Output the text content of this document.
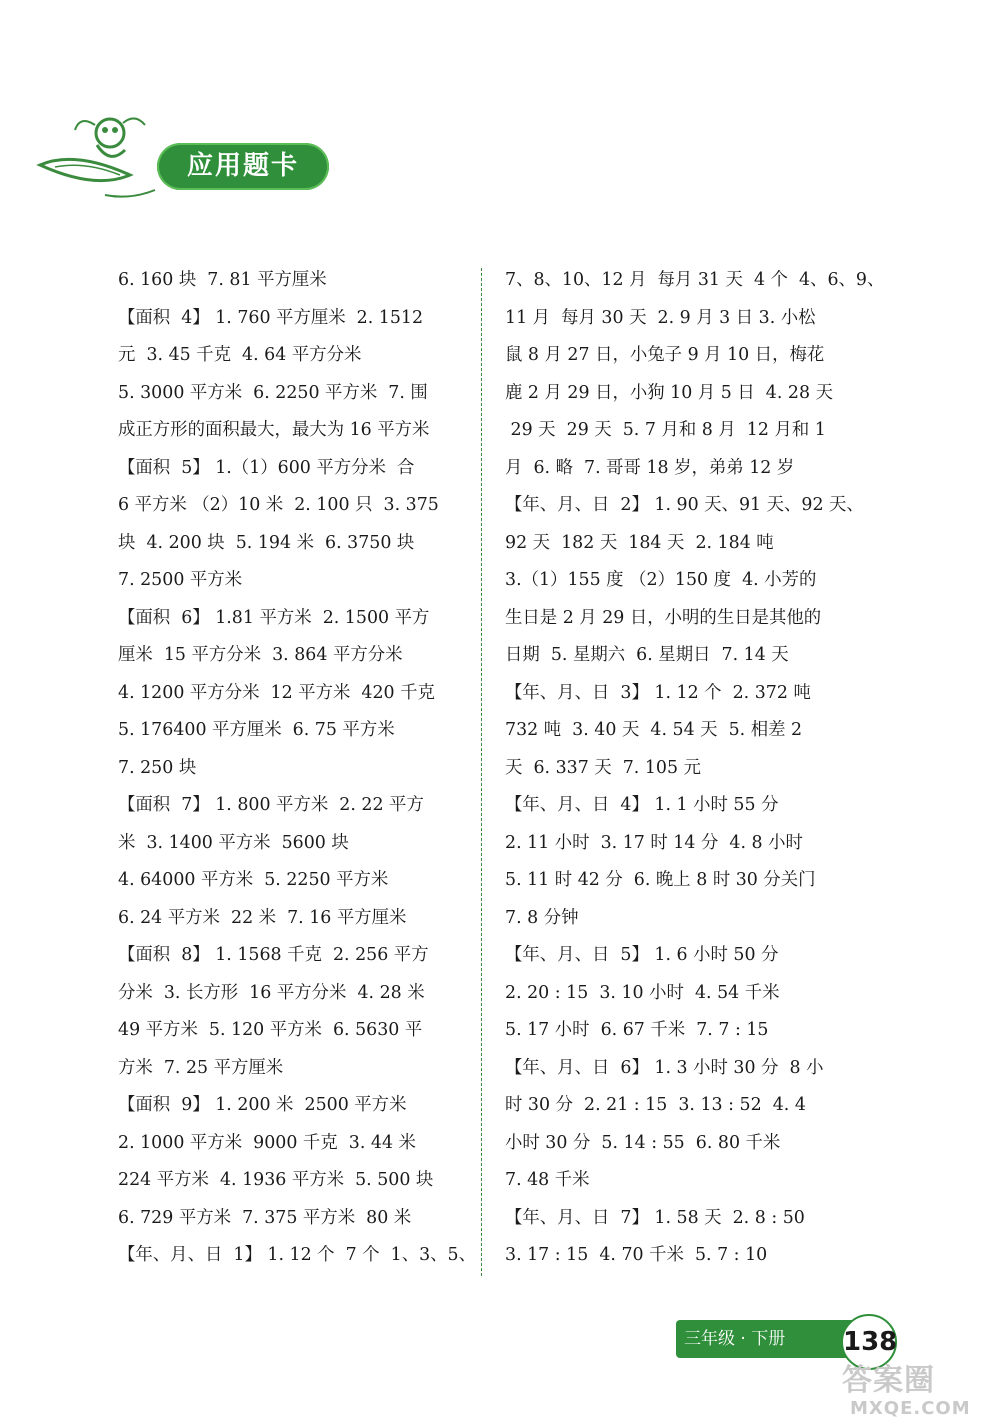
应用题卡
6. 160 块  7. 81 平方厘米
【面积  4】 1. 760 平方厘米  2. 1512
元  3. 45 千克  4. 64 平方分米
5. 3000 平方米  6. 2250 平方米  7. 围
成正方形的面积最大，最大为 16 平方米
【面积  5】 1.（1）600 平方分米  合
6 平方米 （2）10 米  2. 100 只  3. 375
块  4. 200 块  5. 194 米  6. 3750 块
7. 2500 平方米
【面积  6】 1.81 平方米  2. 1500 平方
厘米  15 平方分米  3. 864 平方分米
4. 1200 平方分米  12 平方米  420 千克
5. 176400 平方厘米  6. 75 平方米
7. 250 块
【面积  7】 1. 800 平方米  2. 22 平方
米  3. 1400 平方米  5600 块
4. 64000 平方米  5. 2250 平方米
6. 24 平方米  22 米  7. 16 平方厘米
【面积  8】 1. 1568 千克  2. 256 平方
分米  3. 长方形  16 平方分米  4. 28 米
49 平方米  5. 120 平方米  6. 5630 平
方米  7. 25 平方厘米
【面积  9】 1. 200 米  2500 平方米
2. 1000 平方米  9000 千克  3. 44 米
224 平方米  4. 1936 平方米  5. 500 块
6. 729 平方米  7. 375 平方米  80 米
【年、月、日  1】 1. 12 个  7 个  1、3、5、
7、8、10、12 月  每月 31 天  4 个  4、6、9、
11 月  每月 30 天  2. 9 月 3 日 3. 小松
鼠 8 月 27 日，小兔子 9 月 10 日，梅花
鹿 2 月 29 日，小狗 10 月 5 日  4. 28 天
29 天  29 天  5. 7 月和 8 月  12 月和 1
月  6. 略  7. 哥哥 18 岁，弟弟 12 岁
【年、月、日  2】 1. 90 天、91 天、92 天、
92 天  182 天  184 天  2. 184 吨
3.（1）155 度 （2）150 度  4. 小芳的
生日是 2 月 29 日，小明的生日是其他的
日期  5. 星期六  6. 星期日  7. 14 天
【年、月、日  3】 1. 12 个  2. 372 吨
732 吨  3. 40 天  4. 54 天  5. 相差 2
天  6. 337 天  7. 105 元
【年、月、日  4】 1. 1 小时 55 分
2. 11 小时  3. 17 时 14 分  4. 8 小时
5. 11 时 42 分  6. 晚上 8 时 30 分关门
7. 8 分钟
【年、月、日  5】 1. 6 小时 50 分
2. 20 : 15  3. 10 小时  4. 54 千米
5. 17 小时  6. 67 千米  7. 7 : 15
【年、月、日  6】 1. 3 小时 30 分  8 小
时 30 分  2. 21 : 15  3. 13 : 52  4. 4
小时 30 分  5. 14 : 55  6. 80 千米
7. 48 千米
【年、月、日  7】 1. 58 天  2. 8 : 50
3. 17 : 15  4. 70 千米  5. 7 : 10
三年级 · 下册	138
答案圈
MXQE.COM
